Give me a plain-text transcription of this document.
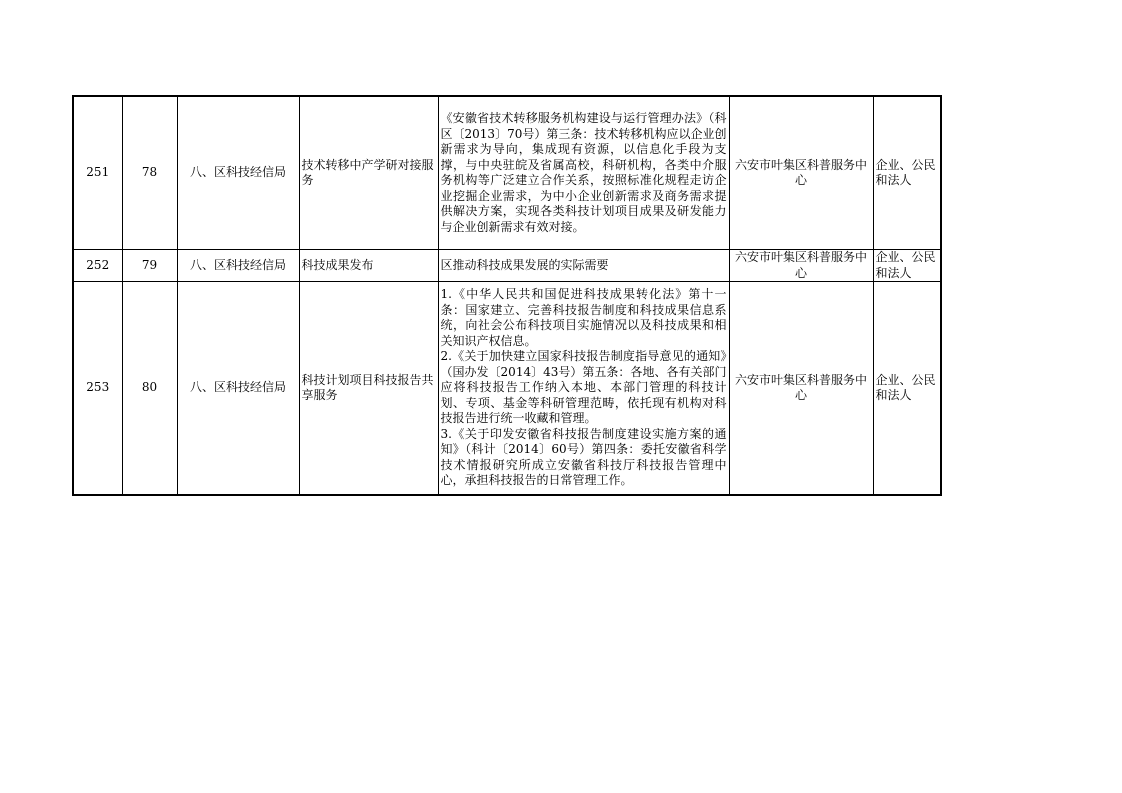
251	78	八、区科技经信局	技术转移中产学研对接服务	《安徽省技术转移服务机构建设与运行管理办法》（科区〔2013〕70号）第三条：技术转移机构应以企业创新需求为导向，集成现有资源，以信息化手段为支撑，与中央驻皖及省属高校，科研机构，各类中介服务机构等广泛建立合作关系，按照标准化规程走访企业挖掘企业需求，为中小企业创新需求及商务需求提供解决方案，实现各类科技计划项目成果及研发能力与企业创新需求有效对接。	六安市叶集区科普服务中心	企业、公民和法人
252	79	八、区科技经信局	科技成果发布	区推动科技成果发展的实际需要	六安市叶集区科普服务中心	企业、公民和法人
253	80	八、区科技经信局	科技计划项目科技报告共享服务	1.《中华人民共和国促进科技成果转化法》第十一条：国家建立、完善科技报告制度和科技成果信息系统，向社会公布科技项目实施情况以及科技成果和相关知识产权信息。
2.《关于加快建立国家科技报告制度指导意见的通知》（国办发〔2014〕43号）第五条：各地、各有关部门应将科技报告工作纳入本地、本部门管理的科技计划、专项、基金等科研管理范畴，依托现有机构对科技报告进行统一收藏和管理。
3.《关于印发安徽省科技报告制度建设实施方案的通知》（科计〔2014〕60号）第四条：委托安徽省科学技术情报研究所成立安徽省科技厅科技报告管理中心，承担科技报告的日常管理工作。	六安市叶集区科普服务中心	企业、公民和法人
